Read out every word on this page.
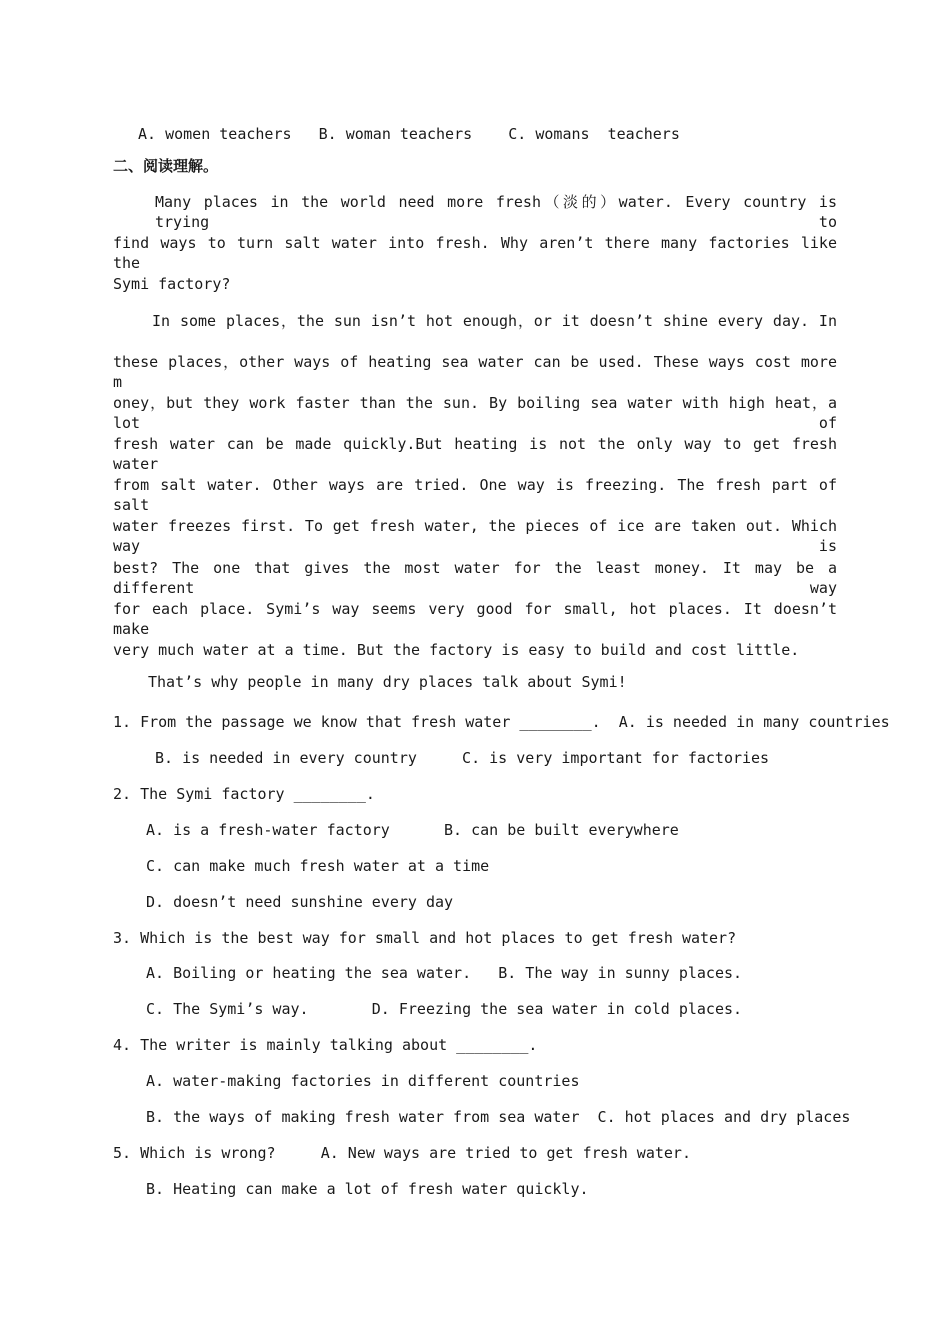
A. women teachers   B. woman teachers    C. womans  teachers
二、阅读理解。
Many places in the world need more fresh（淡的）water. Every country is trying to
find ways to turn salt water into fresh. Why aren’t there many factories like the
Symi factory?
In some places，the sun isn’t hot enough，or it doesn’t shine every day. In
these places，other ways of heating sea water can be used. These ways cost more m
oney，but they work faster than the sun. By boiling sea water with high heat，a lot of
fresh water can be made quickly.But heating is not the only way to get fresh water
from salt water. Other ways are tried. One way is freezing. The fresh part of salt
water freezes first. To get fresh water, the pieces of ice are taken out. Which way is
best? The one that gives the most water for the least money. It may be a different way
for each place. Symi’s way seems very good for small, hot places. It doesn’t make
very much water at a time. But the factory is easy to build and cost little.
That’s why people in many dry places talk about Symi!
1. From the passage we know that fresh water ________.  A. is needed in many countries
B. is needed in every country     C. is very important for factories
2. The Symi factory ________.
A. is a fresh-water factory      B. can be built everywhere
C. can make much fresh water at a time
D. doesn’t need sunshine every day
3. Which is the best way for small and hot places to get fresh water?
A. Boiling or heating the sea water.   B. The way in sunny places.
C. The Symi’s way.       D. Freezing the sea water in cold places.
4. The writer is mainly talking about ________.
A. water-making factories in different countries
B. the ways of making fresh water from sea water  C. hot places and dry places
5. Which is wrong?     A. New ways are tried to get fresh water.
B. Heating can make a lot of fresh water quickly.
